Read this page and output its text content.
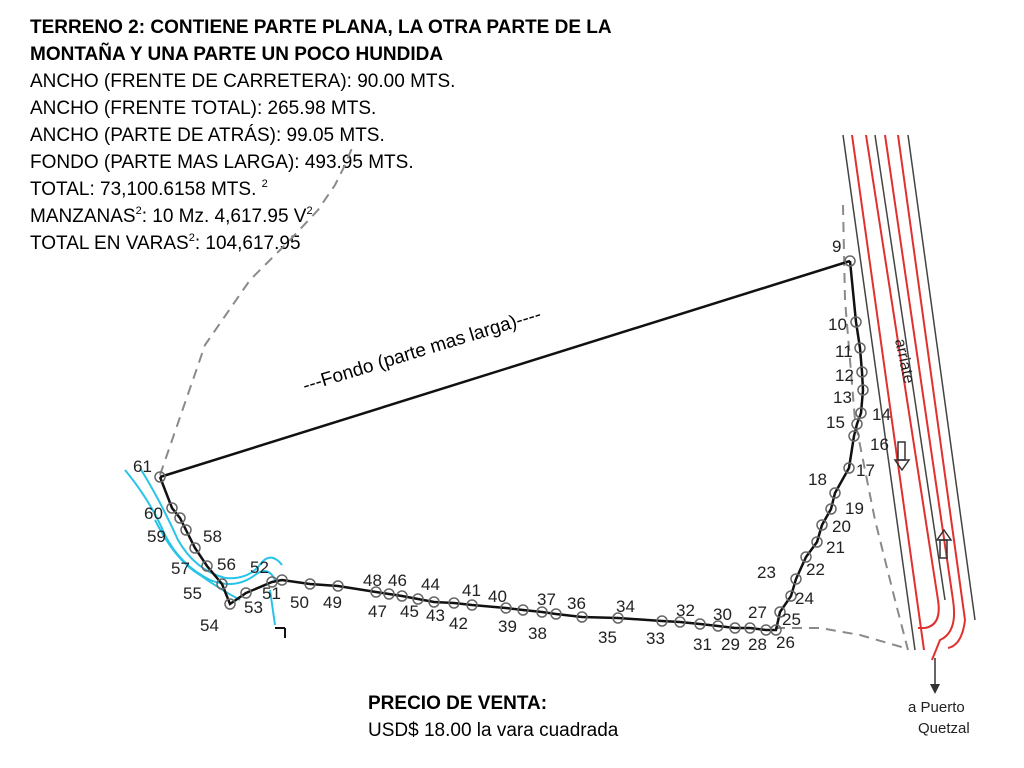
TERRENO 2: CONTIENE PARTE PLANA, LA OTRA PARTE DE LA
MONTAÑA Y UNA PARTE UN POCO HUNDIDA
ANCHO (FRENTE DE CARRETERA): 90.00 MTS.
ANCHO (FRENTE TOTAL): 265.98 MTS.
ANCHO (PARTE DE ATRÁS): 99.05 MTS.
FONDO (PARTE MAS LARGA): 493.95 MTS.
TOTAL: 73,100.6158 MTS. $^2$
MANZANAS$^2$: 10 Mz. 4,617.95 $V^2$
TOTAL EN VARAS$^2$: 104,617.95
arriate
---Fondo (parte mas larga)----
9
10
11
12
13
14
15
16
17
18
19
20
21
22
23
24
25
26
27
28
29
30
31
32
33
34
35
36
37
38
39
40
41
42
43
44
45
46
47
48
49
50
51
52
53
54
55
56
57
58
59
60
61
a Puerto
Quetzal
PRECIO DE VENTA:
USD$ 18.00 la vara cuadrada
